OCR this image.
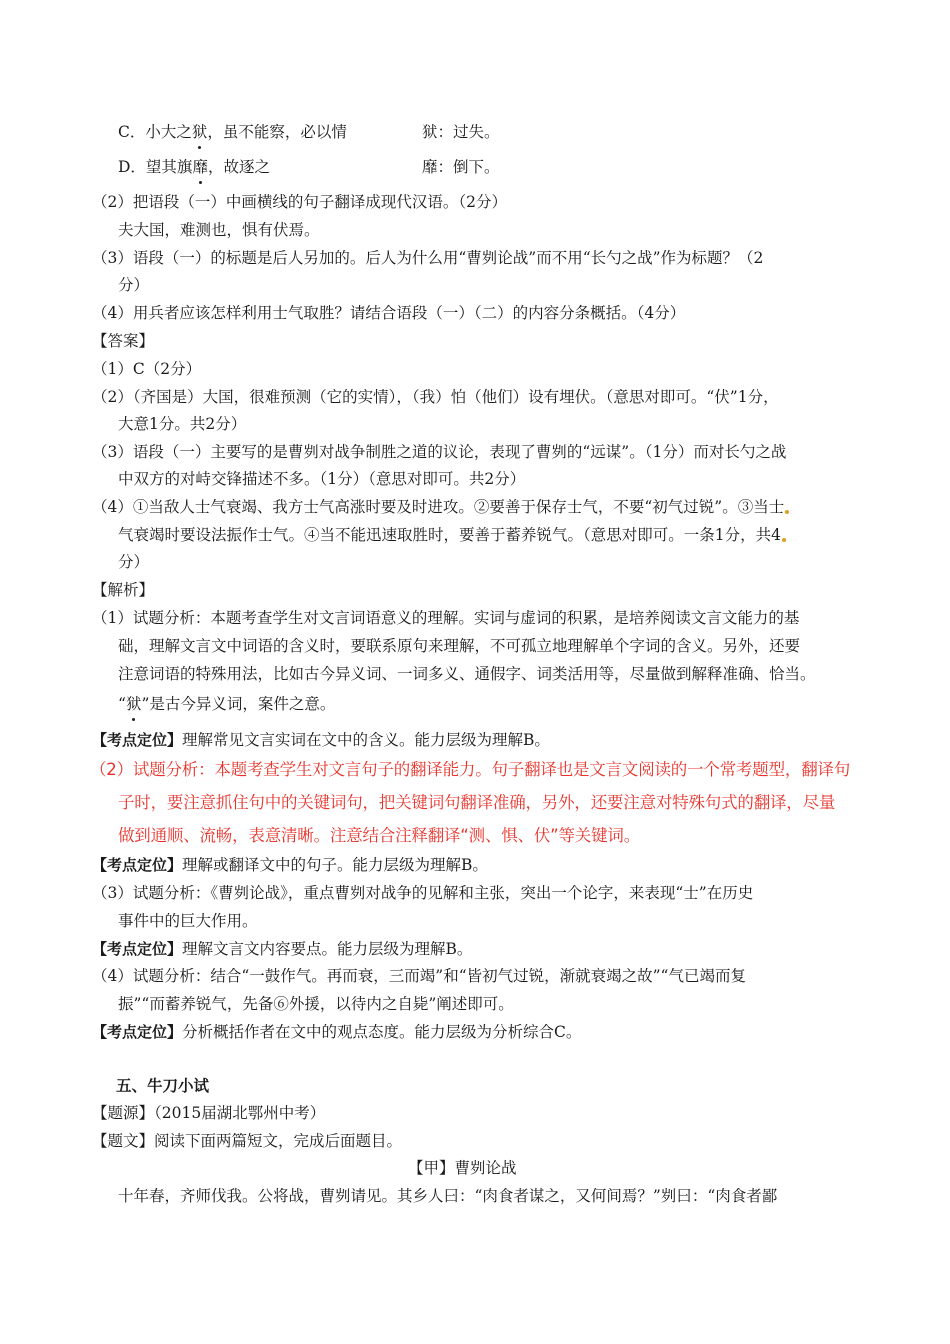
C．小大之狱，虽不能察，必以情	狱：过失。
D．望其旗靡，故逐之	靡：倒下。
（2）把语段（一）中画横线的句子翻译成现代汉语。（2分）
夫大国，难测也，惧有伏焉。
（3）语段（一）的标题是后人另加的。后人为什么用“曹刿论战”而不用“长勺之战”作为标题？（2
分）
（4）用兵者应该怎样利用士气取胜？请结合语段（一）（二）的内容分条概括。（4分）
【答案】
（1）C（2分）
（2）（齐国是）大国，很难预测（它的实情），（我）怕（他们）设有埋伏。（意思对即可。“伏”1分，
大意1分。共2分）
（3）语段（一）主要写的是曹刿对战争制胜之道的议论，表现了曹刿的“远谋”。（1分）而对长勺之战
中双方的对峙交锋描述不多。（1分）（意思对即可。共2分）
（4）①当敌人士气衰竭、我方士气高涨时要及时进攻。②要善于保存士气，不要“初气过锐”。③当士
气衰竭时要设法振作士气。④当不能迅速取胜时，要善于蓄养锐气。（意思对即可。一条1分，共4
分）
【解析】
（1）试题分析：本题考查学生对文言词语意义的理解。实词与虚词的积累，是培养阅读文言文能力的基
础，理解文言文中词语的含义时，要联系原句来理解，不可孤立地理解单个字词的含义。另外，还要
注意词语的特殊用法，比如古今异义词、一词多义、通假字、词类活用等，尽量做到解释准确、恰当。
“狱”是古今异义词，案件之意。
【考点定位】理解常见文言实词在文中的含义。能力层级为理解B。
（2）试题分析：本题考查学生对文言句子的翻译能力。句子翻译也是文言文阅读的一个常考题型，翻译句
子时，要注意抓住句中的关键词句，把关键词句翻译准确，另外，还要注意对特殊句式的翻译，尽量
做到通顺、流畅，表意清晰。注意结合注释翻译“测、惧、伏”等关键词。
【考点定位】理解或翻译文中的句子。能力层级为理解B。
（3）试题分析：《曹刿论战》，重点曹刿对战争的见解和主张，突出一个论字，来表现“士”在历史
事件中的巨大作用。
【考点定位】理解文言文内容要点。能力层级为理解B。
（4）试题分析：结合“一鼓作气。再而衰，三而竭”和“皆初气过锐，渐就衰竭之故”“气已竭而复
振”“而蓄养锐气，先备⑥外援，以待内之自毙”阐述即可。
【考点定位】分析概括作者在文中的观点态度。能力层级为分析综合C。
五、牛刀小试
【题源】（2015届湖北鄂州中考）
【题文】阅读下面两篇短文，完成后面题目。
【甲】曹刿论战
十年春，齐师伐我。公将战，曹刿请见。其乡人曰：“肉食者谋之，又何间焉？”刿曰：“肉食者鄙
